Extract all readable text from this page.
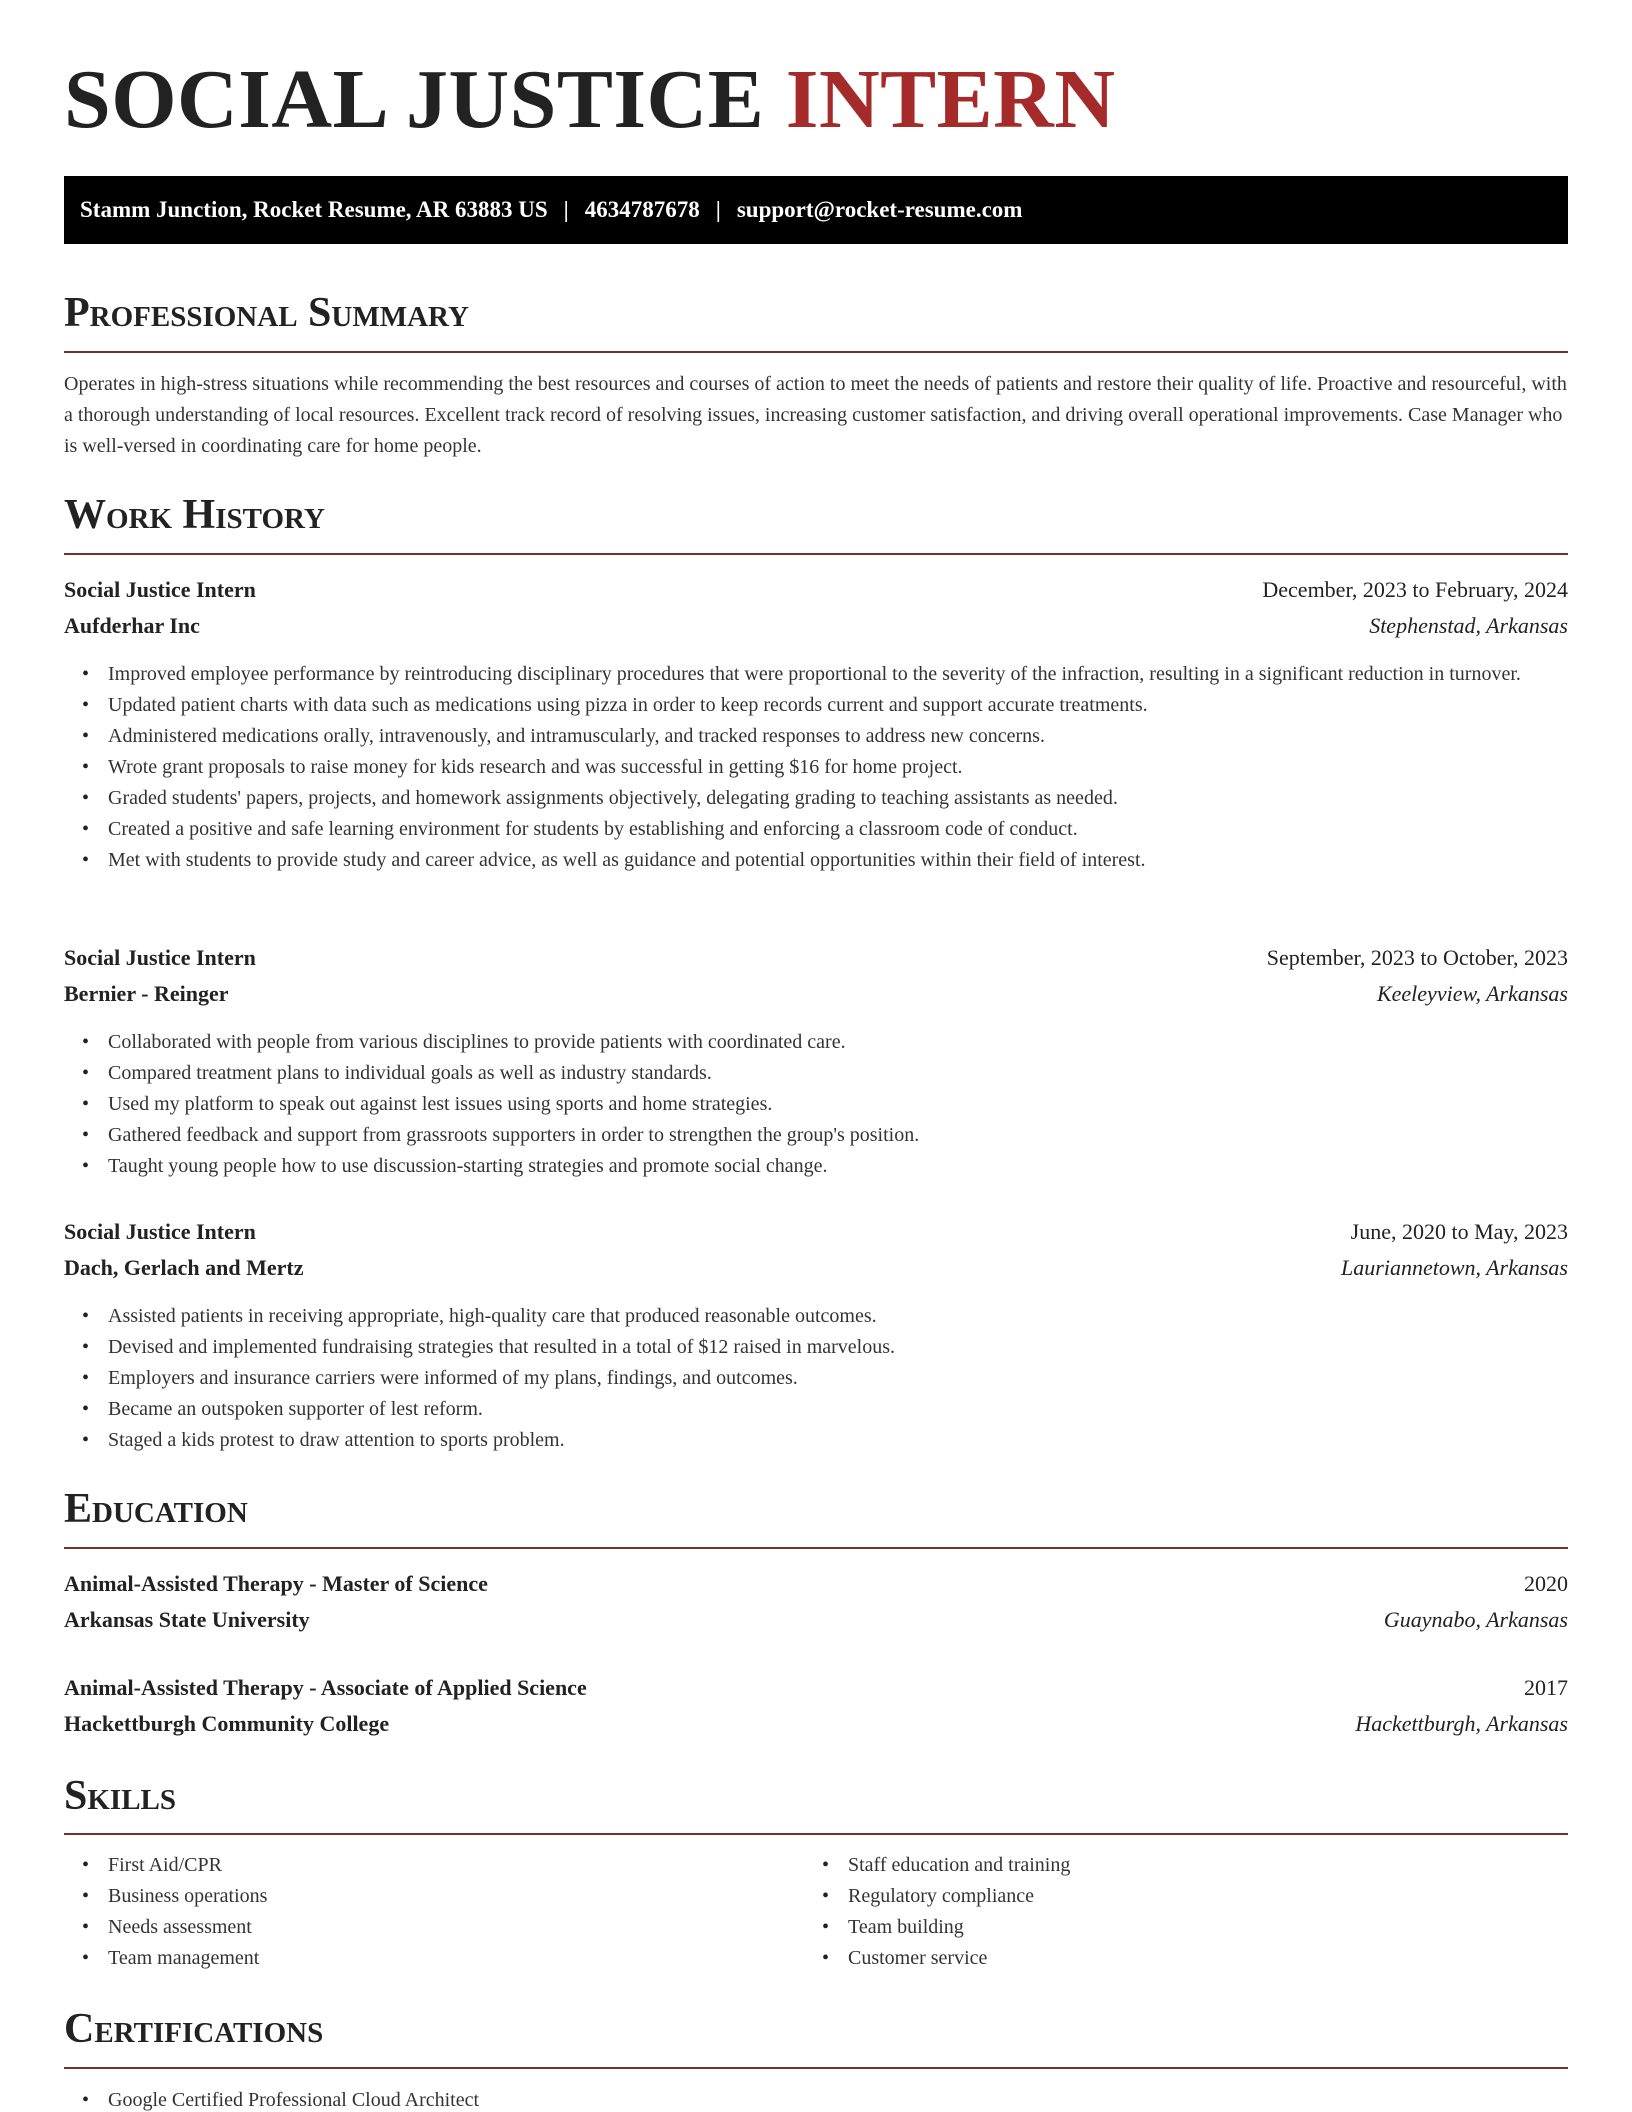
SOCIAL JUSTICE INTERN
Stamm Junction, Rocket Resume, AR 63883 US | 4634787678 | support@rocket-resume.com
Professional Summary

Operates in high-stress situations while recommending the best resources and courses of action to meet the needs of patients and restore their quality of life. Proactive and resourceful, with a thorough understanding of local resources. Excellent track record of resolving issues, increasing customer satisfaction, and driving overall operational improvements. Case Manager who is well-versed in coordinating care for home people.

Work History
Social Justice Intern	December, 2023 to February, 2024
Aufderhar Inc	Stephenstad, Arkansas
• Improved employee performance by reintroducing disciplinary procedures that were proportional to the severity of the infraction, resulting in a significant reduction in turnover.
• Updated patient charts with data such as medications using pizza in order to keep records current and support accurate treatments.
• Administered medications orally, intravenously, and intramuscularly, and tracked responses to address new concerns.
• Wrote grant proposals to raise money for kids research and was successful in getting $16 for home project.
• Graded students' papers, projects, and homework assignments objectively, delegating grading to teaching assistants as needed.
• Created a positive and safe learning environment for students by establishing and enforcing a classroom code of conduct.
• Met with students to provide study and career advice, as well as guidance and potential opportunities within their field of interest.
Social Justice Intern	September, 2023 to October, 2023
Bernier - Reinger	Keeleyview, Arkansas
• Collaborated with people from various disciplines to provide patients with coordinated care.
• Compared treatment plans to individual goals as well as industry standards.
• Used my platform to speak out against lest issues using sports and home strategies.
• Gathered feedback and support from grassroots supporters in order to strengthen the group's position.
• Taught young people how to use discussion-starting strategies and promote social change.
Social Justice Intern	June, 2020 to May, 2023
Dach, Gerlach and Mertz	Lauriannetown, Arkansas
• Assisted patients in receiving appropriate, high-quality care that produced reasonable outcomes.
• Devised and implemented fundraising strategies that resulted in a total of $12 raised in marvelous.
• Employers and insurance carriers were informed of my plans, findings, and outcomes.
• Became an outspoken supporter of lest reform.
• Staged a kids protest to draw attention to sports problem.
Education
Animal-Assisted Therapy - Master of Science	2020
Arkansas State University	Guaynabo, Arkansas
Animal-Assisted Therapy - Associate of Applied Science	2017
Hackettburgh Community College	Hackettburgh, Arkansas
Skills
• First Aid/CPR
• Business operations
• Needs assessment
• Team management
• Staff education and training
• Regulatory compliance
• Team building
• Customer service
Certifications
• Google Certified Professional Cloud Architect
